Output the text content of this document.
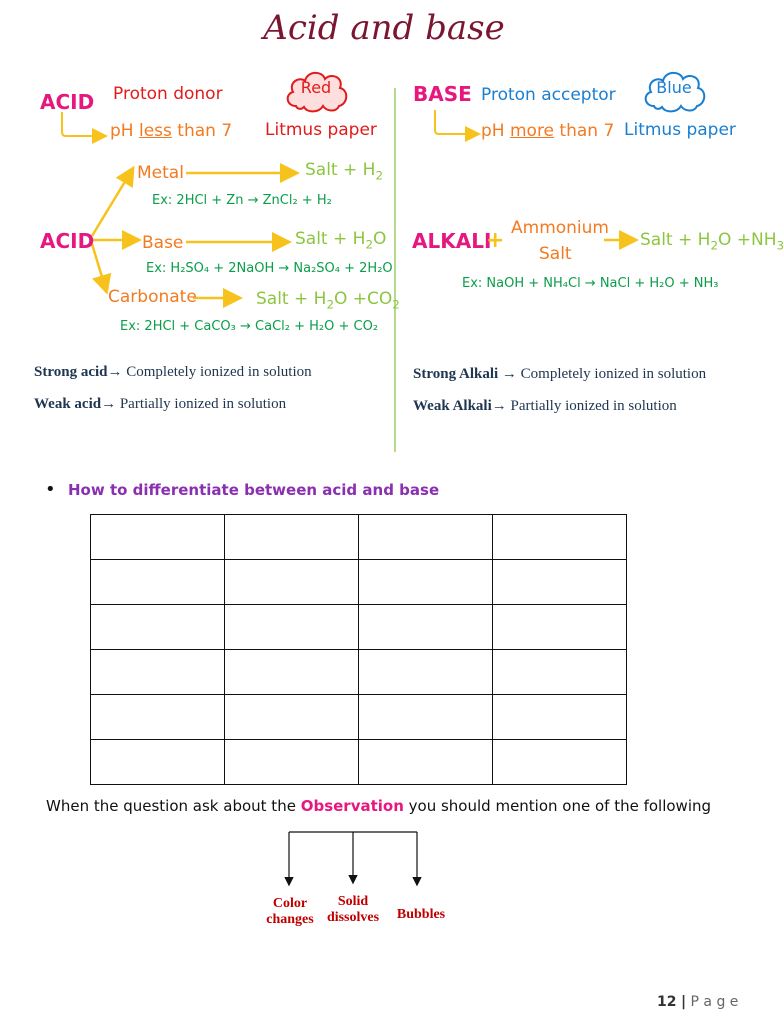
Acid and base
ACID Proton donor
pH less than 7
Red
Litmus paper
BASE Proton acceptor
pH more than 7
Blue
Litmus paper
ACID
Metal	Salt + $H_2$
Ex: 2HCl + Zn → ZnCl₂ + H₂
Base	Salt + $H_2O$
Ex: H₂SO₄ + 2NaOH → Na₂SO₄ + 2H₂O
Carbonate	Salt + $H_2O +CO_2$
Ex: 2HCl + CaCO₃ → CaCl₂ + H₂O + CO₂
ALKALI
+ Ammonium
Salt
Salt + $H_2O +NH_3$
Ex: NaOH + NH₄Cl → NaCl + H₂O + NH₃
Strong acid→ Completely ionized in solution
Weak acid→ Partially ionized in solution
Strong Alkali → Completely ionized in solution
Weak Alkali→ Partially ionized in solution
• How to differentiate between acid and base

When the question ask about the Observation you should mention one of the following
Color
changes
Solid
dissolves	Bubbles
12 | P a g e
